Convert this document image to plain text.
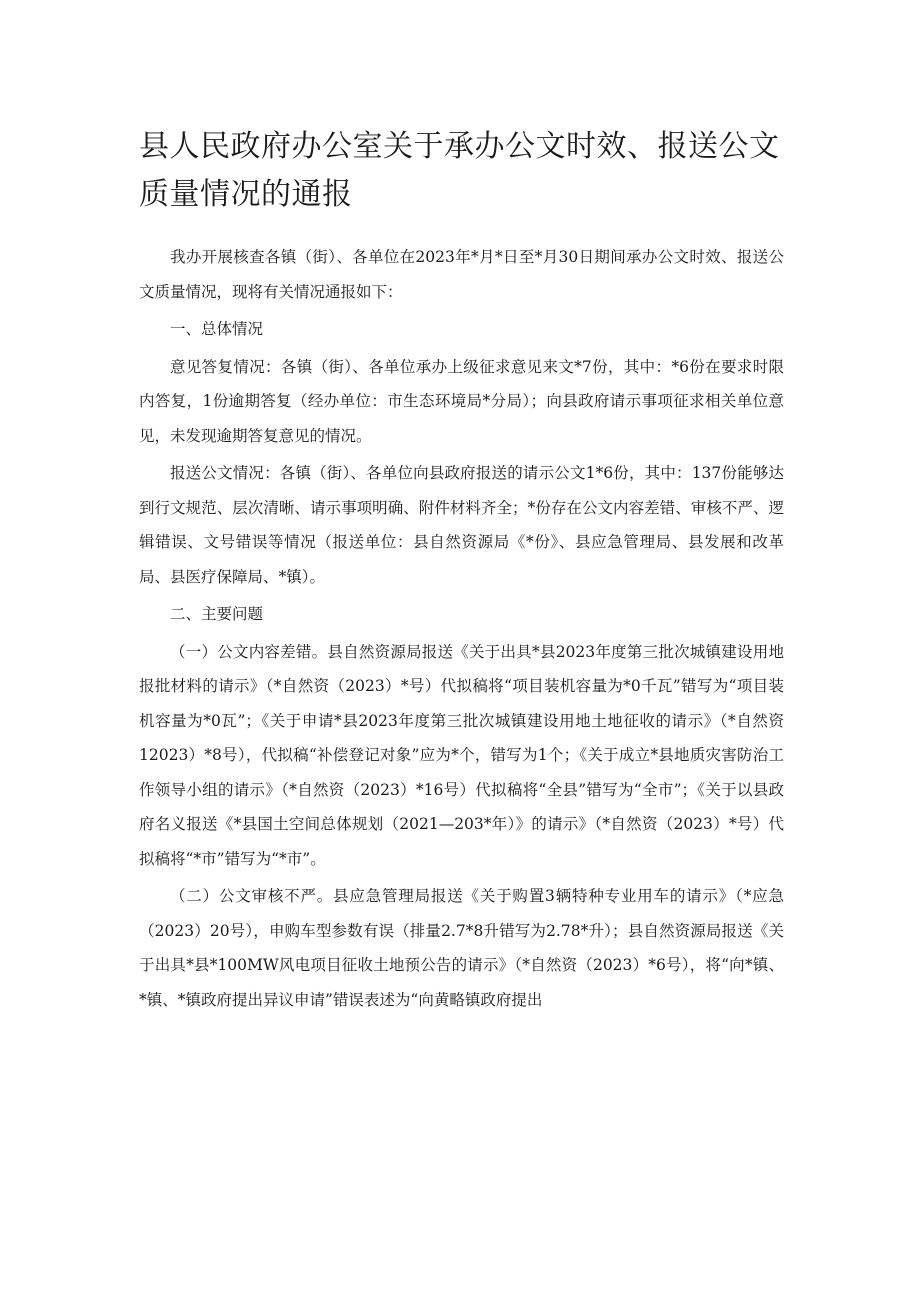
县人民政府办公室关于承办公文时效、报送公文质量情况的通报

我办开展核查各镇（街）、各单位在2023年*月*日至*月30日期间承办公文时效、报送公文质量情况，现将有关情况通报如下：

一、总体情况

意见答复情况：各镇（街）、各单位承办上级征求意见来文*7份，其中：*6份在要求时限内答复，1份逾期答复（经办单位：市生态环境局*分局）；向县政府请示事项征求相关单位意见，未发现逾期答复意见的情况。

报送公文情况：各镇（街）、各单位向县政府报送的请示公文1*6份，其中：137份能够达到行文规范、层次清晰、请示事项明确、附件材料齐全；*份存在公文内容差错、审核不严、逻辑错误、文号错误等情况（报送单位：县自然资源局《*份》、县应急管理局、县发展和改革局、县医疗保障局、*镇）。

二、主要问题

（一）公文内容差错。县自然资源局报送《关于出具*县2023年度第三批次城镇建设用地报批材料的请示》（*自然资（2023）*号）代拟稿将“项目装机容量为*0千瓦”错写为“项目装机容量为*0瓦”；《关于申请*县2023年度第三批次城镇建设用地土地征收的请示》（*自然资12023）*8号），代拟稿“补偿登记对象”应为*个，错写为1个；《关于成立*县地质灾害防治工作领导小组的请示》（*自然资（2023）*16号）代拟稿将“全县”错写为“全市”；《关于以县政府名义报送《*县国土空间总体规划（2021—203*年）》的请示》（*自然资（2023）*号）代拟稿将“*市”错写为“*市”。

（二）公文审核不严。县应急管理局报送《关于购置3辆特种专业用车的请示》（*应急（2023）20号），申购车型参数有误（排量2.7*8升错写为2.78*升）；县自然资源局报送《关于出具*县*100MW风电项目征收土地预公告的请示》（*自然资（2023）*6号），将“向*镇、*镇、*镇政府提出异议申请”错误表述为“向黄略镇政府提出
